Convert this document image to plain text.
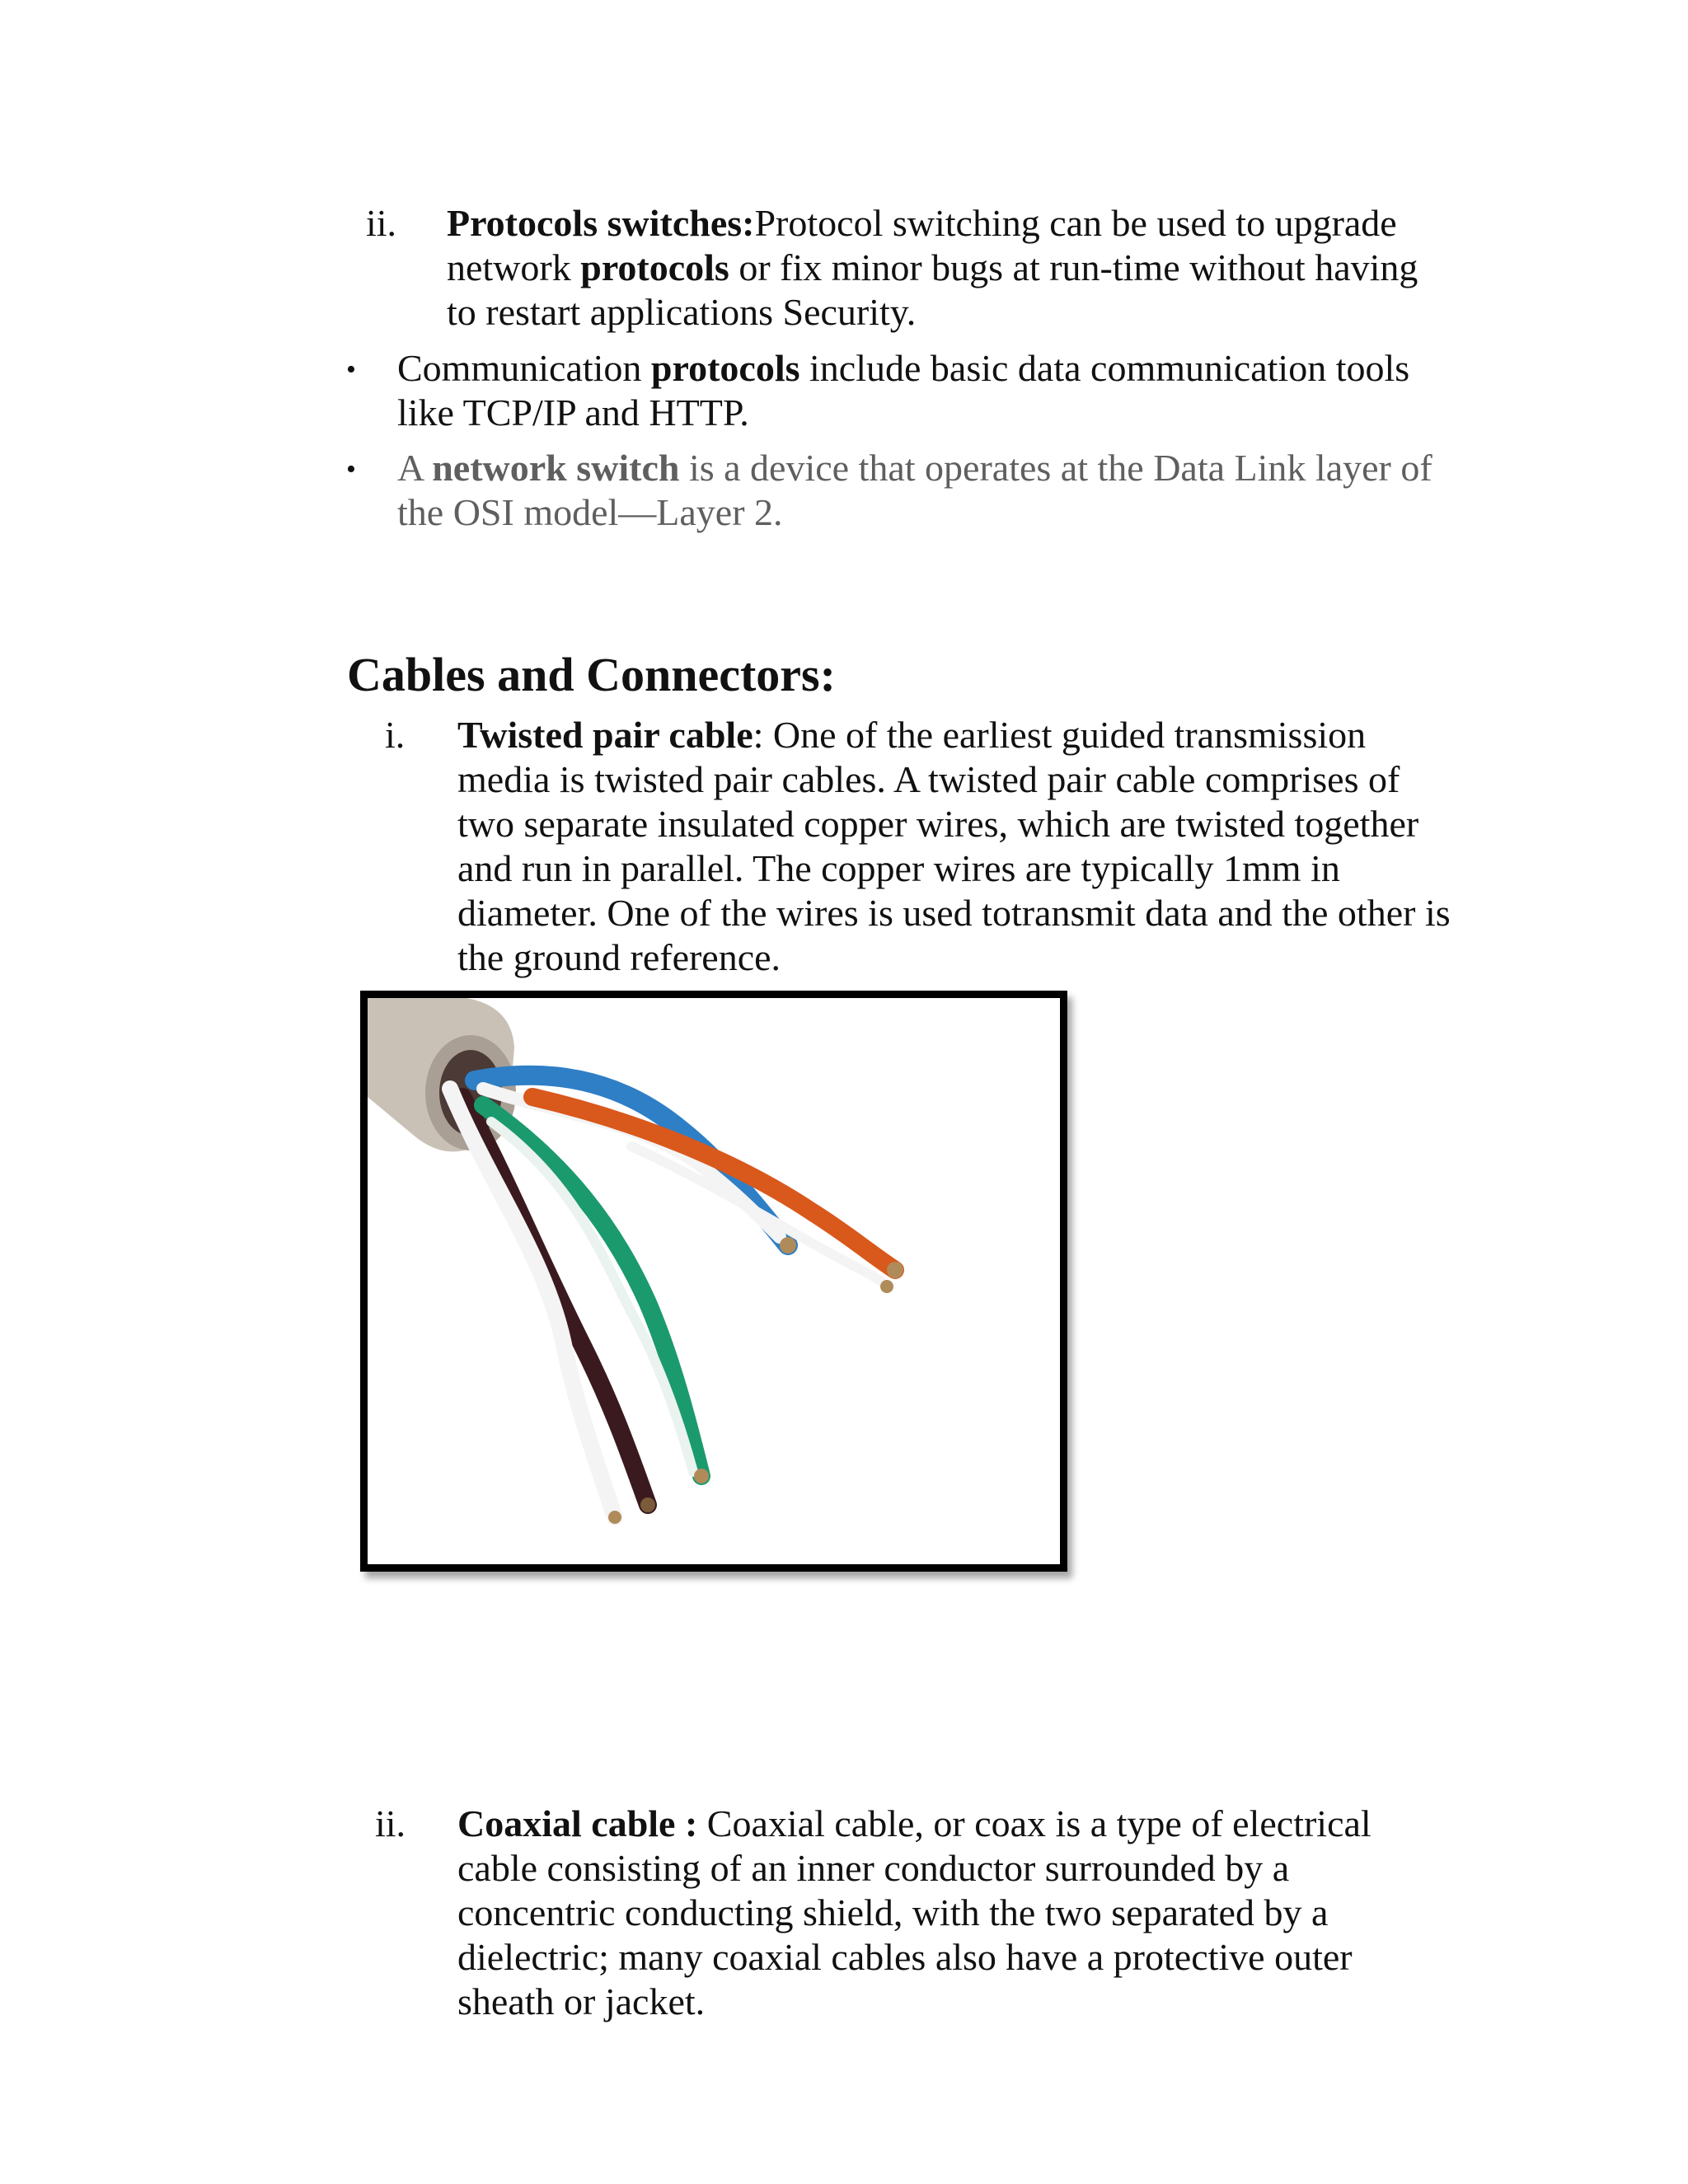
ii. Protocols switches:Protocol switching can be used to upgrade network protocols or fix minor bugs at run-time without having to restart applications Security.
• Communication protocols include basic data communication tools like TCP/IP and HTTP.
• A network switch is a device that operates at the Data Link layer of the OSI model—Layer 2.
Cables and Connectors:
i. Twisted pair cable: One of the earliest guided transmission media is twisted pair cables. A twisted pair cable comprises of two separate insulated copper wires, which are twisted together and run in parallel. The copper wires are typically 1mm in diameter. One of the wires is used totransmit data and the other is the ground reference.
ii. Coaxial cable : Coaxial cable, or coax is a type of electrical cable consisting of an inner conductor surrounded by a concentric conducting shield, with the two separated by a dielectric; many coaxial cables also have a protective outer sheath or jacket.
